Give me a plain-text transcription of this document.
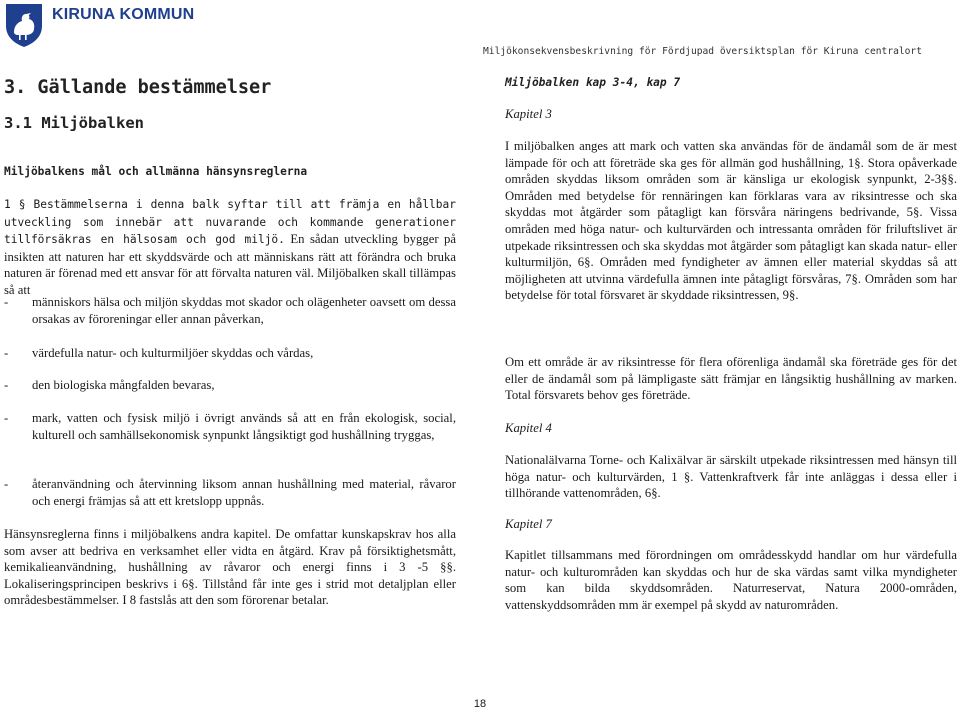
KIRUNA KOMMUN
Miljökonsekvensbeskrivning för Fördjupad översiktsplan för Kiruna centralort
3. Gällande bestämmelser
3.1 Miljöbalken
Miljöbalkens mål och allmänna hänsynsreglerna
1 § Bestämmelserna i denna balk syftar till att främja en hållbar utveckling som innebär att nuvarande och kommande generationer tillförsäkras en hälsosam och god miljö. En sådan utveckling bygger på insikten att naturen har ett skyddsvärde och att människans rätt att förändra och bruka naturen är förenad med ett ansvar för att förvalta naturen väl. Miljöbalken skall tillämpas så att
-	människors hälsa och miljön skyddas mot skador och olägenheter oavsett om dessa orsakas av föroreningar eller annan påverkan,
-	värdefulla natur- och kulturmiljöer skyddas och vårdas,
-	den biologiska mångfalden bevaras,
-	mark, vatten och fysisk miljö i övrigt används så att en från ekologisk, social, kulturell och samhällsekonomisk synpunkt långsiktigt god hushållning tryggas,
-	återanvändning och återvinning liksom annan hushållning med material, råvaror och energi främjas så att ett kretslopp uppnås.
Hänsynsreglerna finns i miljöbalkens andra kapitel. De omfattar kunskapskrav hos alla som avser att bedriva en verksamhet eller vidta en åtgärd. Krav på försiktighetsmått, kemikalieanvändning, hushållning av råvaror och energi finns i 3 -5 §§. Lokaliseringsprincipen beskrivs i 6§. Tillstånd får inte ges i strid mot detaljplan eller områdesbestämmelser. I 8 fastslås att den som förorenar betalar.
Miljöbalken kap 3-4, kap 7
Kapitel 3
I miljöbalken anges att mark och vatten ska användas för de ändamål som de är mest lämpade för och att företräde ska ges för allmän god hushållning, 1§. Stora opåverkade områden skyddas liksom områden som är känsliga ur ekologisk synpunkt, 2-3§§. Områden med betydelse för rennäringen kan förklaras vara av riksintresse och ska skyddas mot åtgärder som påtagligt kan försvåra näringens bedrivande, 5§. Vissa områden med höga natur- och kulturvärden och intressanta områden för friluftslivet är utpekade riksintressen och ska skyddas mot åtgärder som påtagligt kan skada natur- eller kulturmiljön, 6§. Områden med fyndigheter av ämnen eller material skyddas så att möjligheten att utvinna värdefulla ämnen inte påtagligt försvåras, 7§. Områden som har betydelse för total försvaret är skyddade riksintressen, 9§.
Om ett område är av riksintresse för flera oförenliga ändamål ska företräde ges för det eller de ändamål som på lämpligaste sätt främjar en långsiktig hushållning av marken. Total försvarets behov ges företräde.
Kapitel 4
Nationalälvarna Torne- och Kalixälvar är särskilt utpekade riksintressen med hänsyn till höga natur- och kulturvärden, 1 §. Vattenkraftverk får inte anläggas i dessa eller i tillhörande vattenområden, 6§.
Kapitel 7
Kapitlet tillsammans med förordningen om områdesskydd handlar om hur värdefulla natur- och kulturområden kan skyddas och hur de ska värdas samt vilka myndigheter som kan bilda skyddsområden. Naturreservat, Natura 2000-områden, vattenskyddsområden mm är exempel på skydd av naturområden.
18
